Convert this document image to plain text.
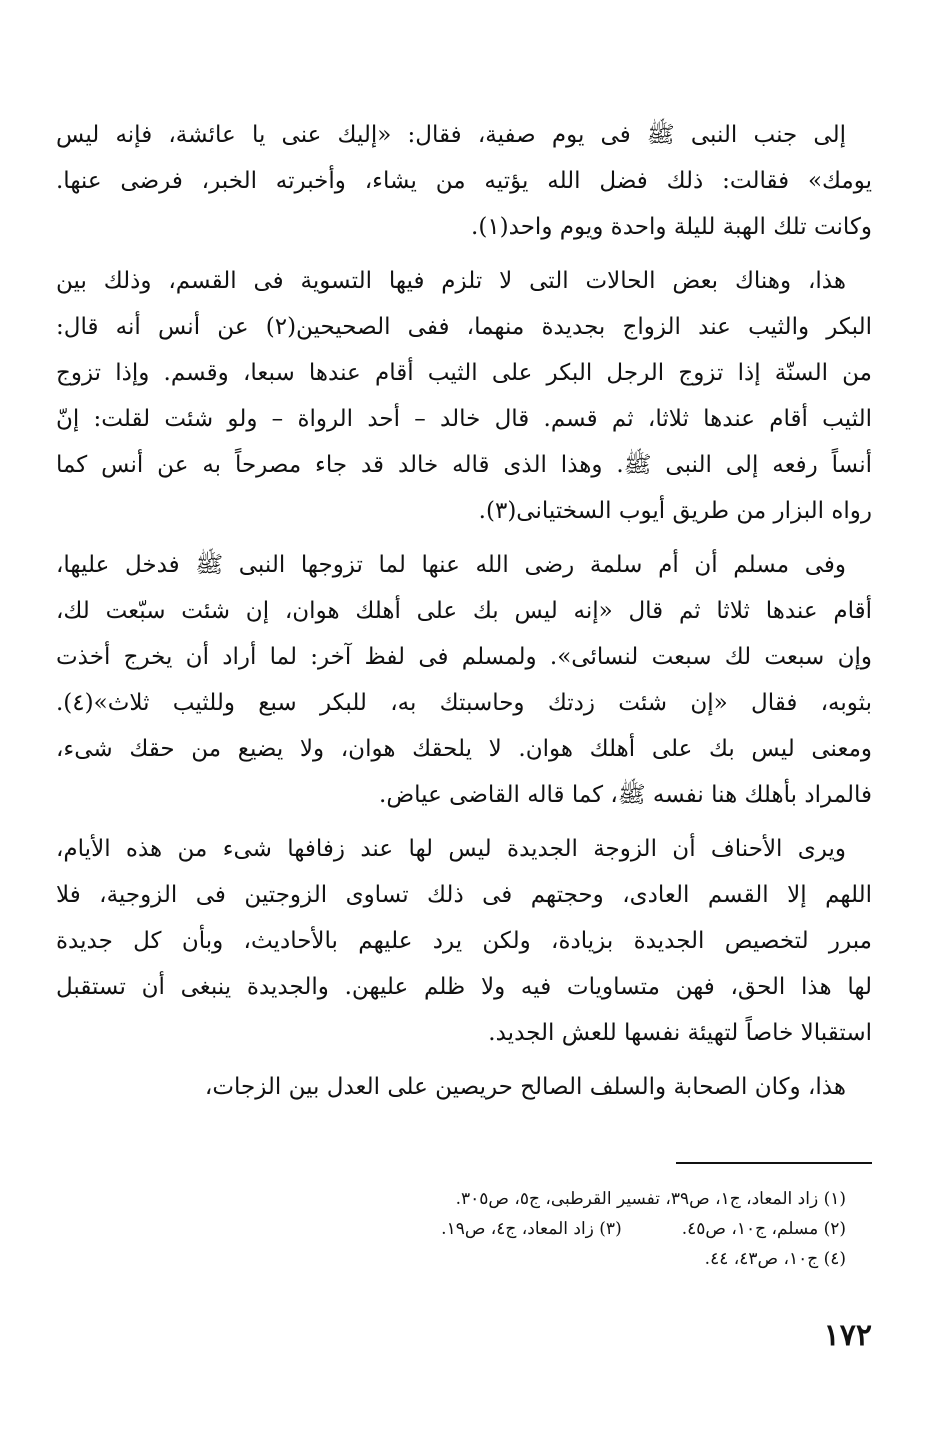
إلى جنب النبى ﷺ فى يوم صفية، فقال: «إليك عنى يا عائشة، فإنه ليس
يومك» فقالت: ذلك فضل الله يؤتيه من يشاء، وأخبرته الخبر، فرضى عنها.
وكانت تلك الهبة لليلة واحدة ويوم واحد(١).
هذا، وهناك بعض الحالات التى لا تلزم فيها التسوية فى القسم، وذلك بين
البكر والثيب عند الزواج بجديدة منهما، ففى الصحيحين(٢) عن أنس أنه قال:
من السنّة إذا تزوج الرجل البكر على الثيب أقام عندها سبعا، وقسم. وإذا تزوج
الثيب أقام عندها ثلاثا، ثم قسم. قال خالد – أحد الرواة – ولو شئت لقلت: إنّ
أنساً رفعه إلى النبى ﷺ. وهذا الذى قاله خالد قد جاء مصرحاً به عن أنس كما
رواه البزار من طريق أيوب السختيانى(٣).
وفى مسلم أن أم سلمة رضى الله عنها لما تزوجها النبى ﷺ فدخل عليها،
أقام عندها ثلاثا ثم قال «إنه ليس بك على أهلك هوان، إن شئت سبّعت لك،
وإن سبعت لك سبعت لنسائى». ولمسلم فى لفظ آخر: لما أراد أن يخرج أخذت
بثوبه، فقال «إن شئت زدتك وحاسبتك به، للبكر سبع وللثيب ثلاث»(٤).
ومعنى ليس بك على أهلك هوان. لا يلحقك هوان، ولا يضيع من حقك شىء،
فالمراد بأهلك هنا نفسه ﷺ، كما قاله القاضى عياض.
ويرى الأحناف أن الزوجة الجديدة ليس لها عند زفافها شىء من هذه الأيام،
اللهم إلا القسم العادى، وحجتهم فى ذلك تساوى الزوجتين فى الزوجية، فلا
مبرر لتخصيص الجديدة بزيادة، ولكن يرد عليهم بالأحاديث، وبأن كل جديدة
لها هذا الحق، فهن متساويات فيه ولا ظلم عليهن. والجديدة ينبغى أن تستقبل
استقبالا خاصاً لتهيئة نفسها للعش الجديد.
هذا، وكان الصحابة والسلف الصالح حريصين على العدل بين الزجات،
(١) زاد المعاد، ج١، ص٣٩، تفسير القرطبى، ج٥، ص٣٠٥.
(٢) مسلم، ج١٠، ص٤٥.
(٣) زاد المعاد، ج٤، ص١٩.
(٤) ج١٠، ص٤٣، ٤٤.
١٧٢
